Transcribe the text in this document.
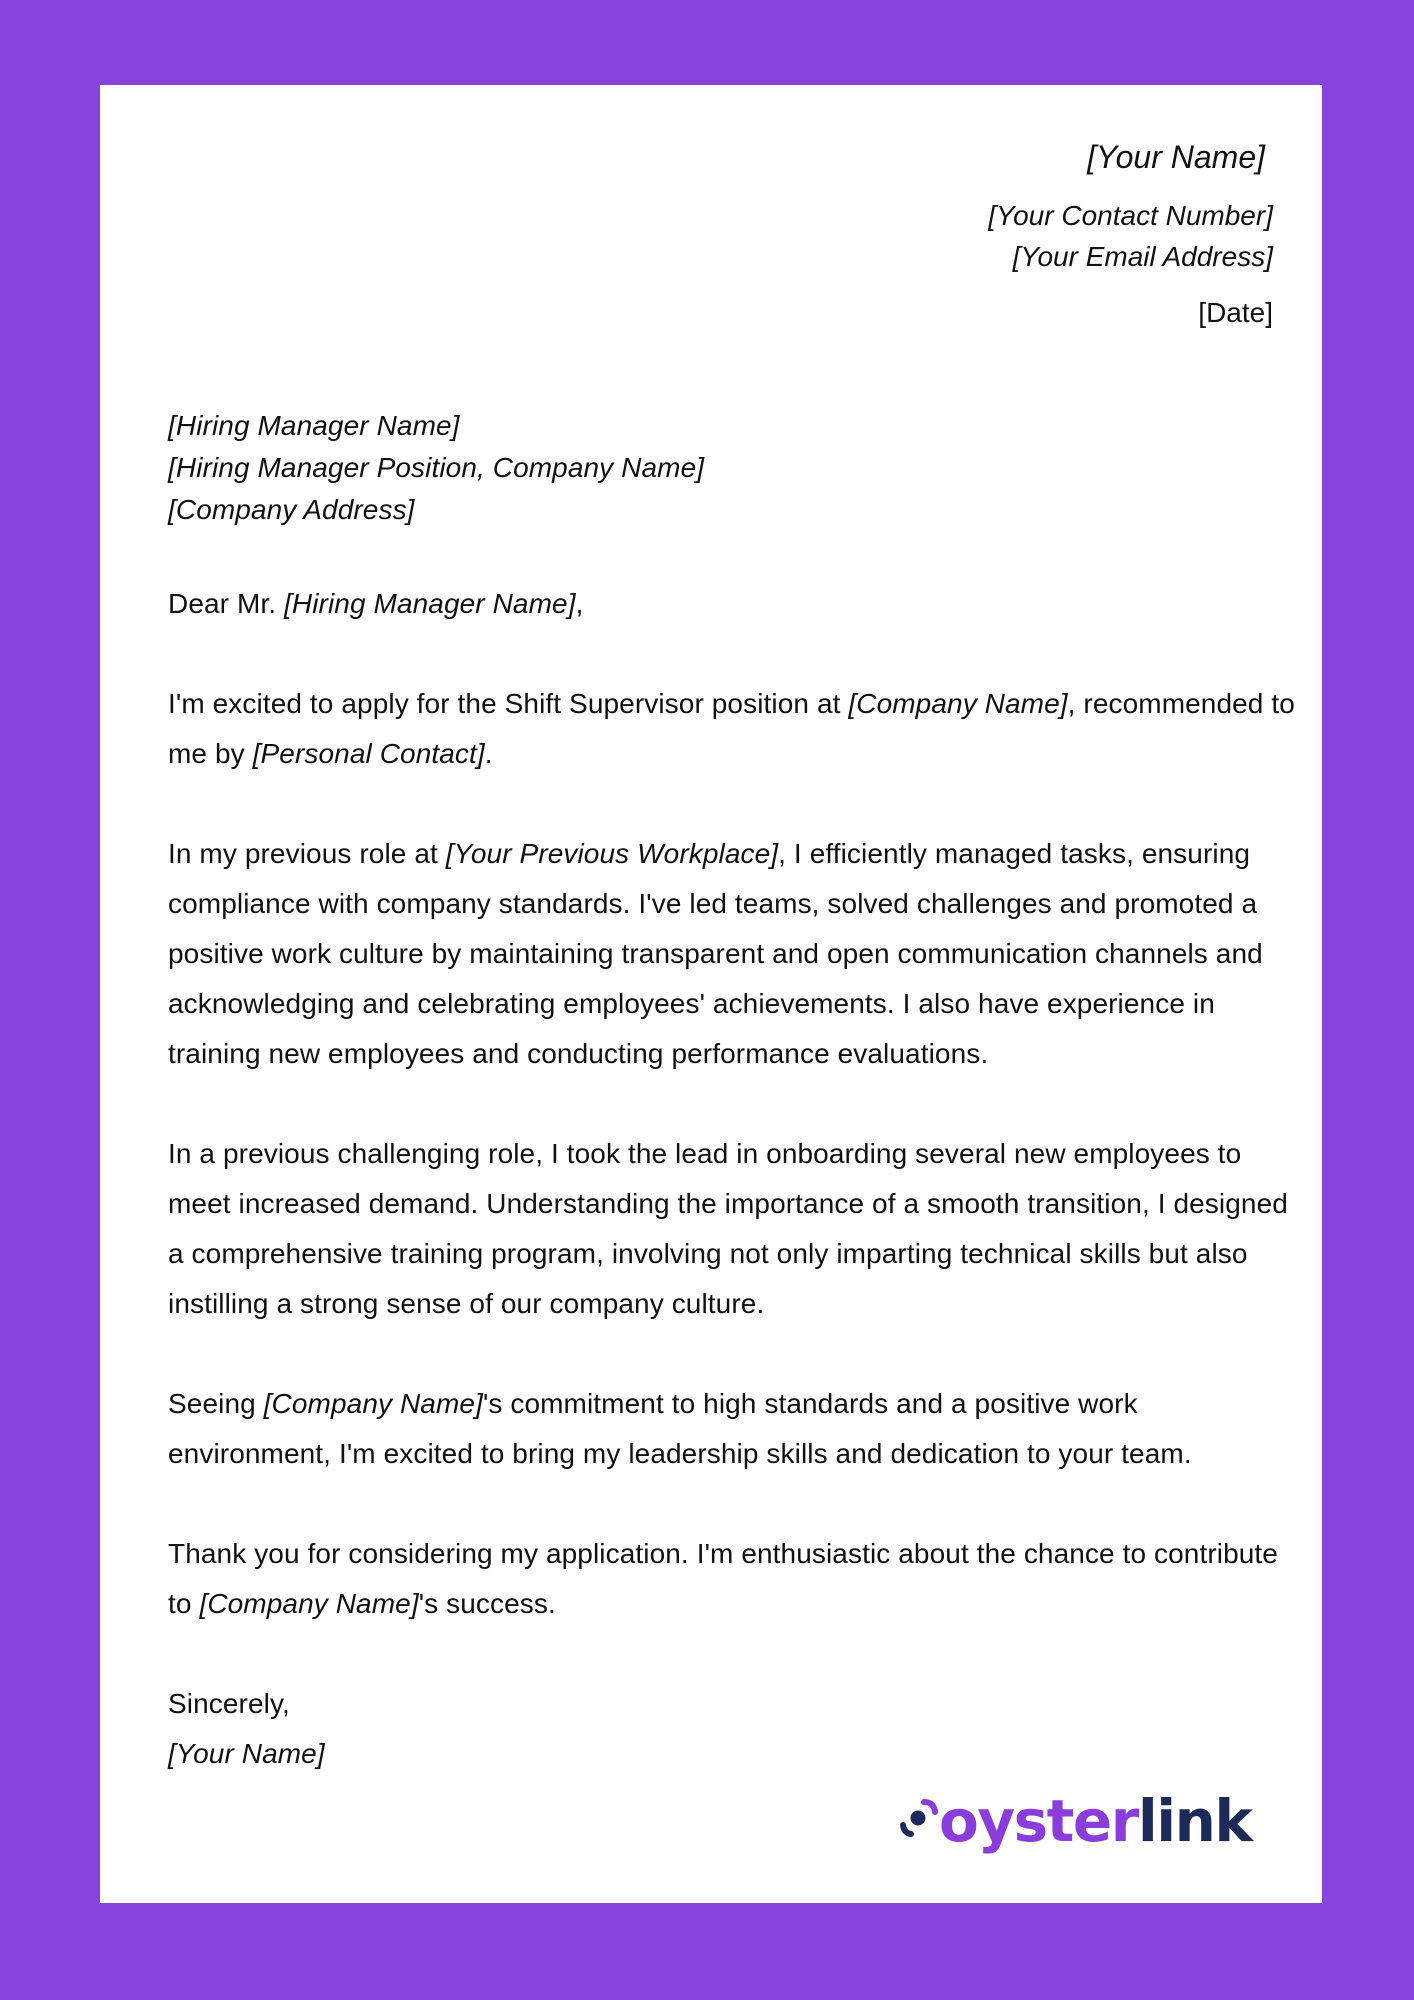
[Your Name]
[Your Contact Number]
[Your Email Address]
[Date]
[Hiring Manager Name]
[Hiring Manager Position, Company Name]
[Company Address]
Dear Mr. [Hiring Manager Name],
I'm excited to apply for the Shift Supervisor position at [Company Name], recommended to me by [Personal Contact].
In my previous role at [Your Previous Workplace], I efficiently managed tasks, ensuring compliance with company standards. I've led teams, solved challenges and promoted a positive work culture by maintaining transparent and open communication channels and acknowledging and celebrating employees' achievements. I also have experience in training new employees and conducting performance evaluations.
In a previous challenging role, I took the lead in onboarding several new employees to meet increased demand. Understanding the importance of a smooth transition, I designed a comprehensive training program, involving not only imparting technical skills but also instilling a strong sense of our company culture.
Seeing [Company Name]'s commitment to high standards and a positive work environment, I'm excited to bring my leadership skills and dedication to your team.
Thank you for considering my application. I'm enthusiastic about the chance to contribute to [Company Name]'s success.
Sincerely,
[Your Name]
oysterlink
